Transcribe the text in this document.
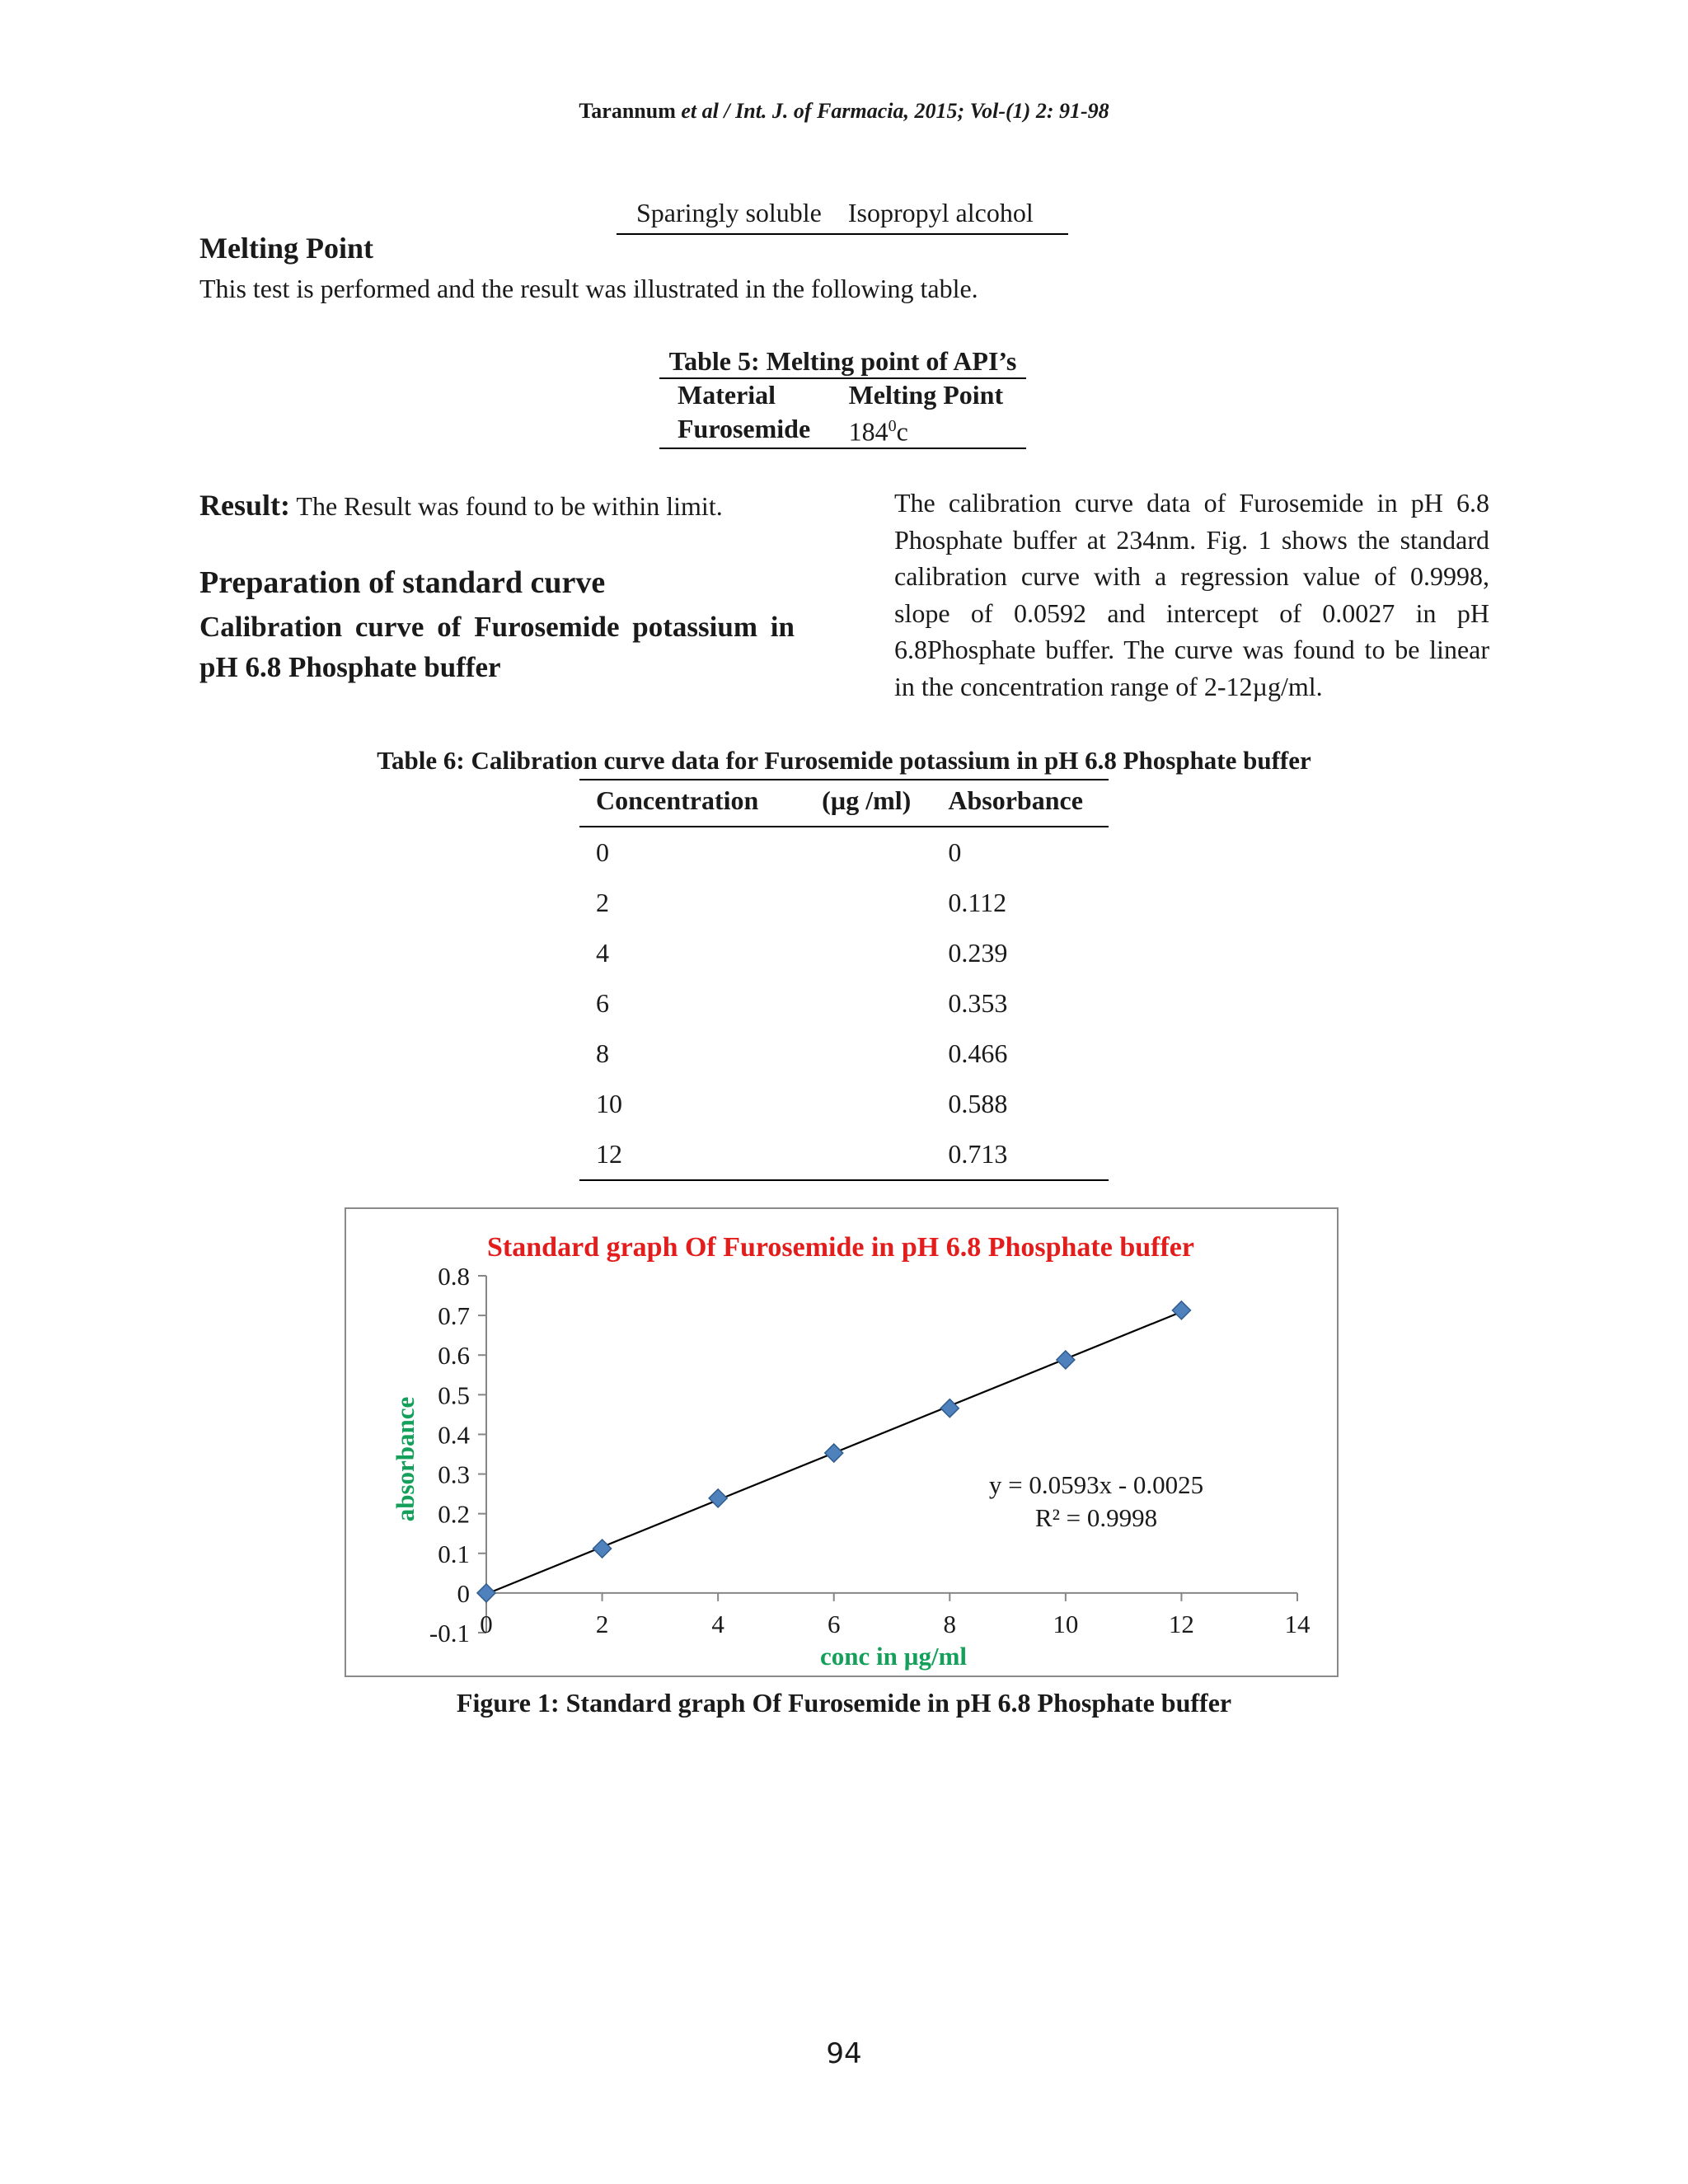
Tarannum et al / Int. J. of Farmacia, 2015; Vol-(1) 2: 91-98
Sparingly soluble Isopropyl alcohol
Melting Point
This test is performed and the result was illustrated in the following table.
Table 5: Melting point of API’s
Material	Melting Point
Furosemide	$184^0c$
Result: The Result was found to be within limit.
Preparation of standard curve
Calibration curve of Furosemide potassium in pH 6.8 Phosphate buffer
The calibration curve data of Furosemide in pH 6.8 Phosphate buffer at 234nm. Fig. 1 shows the standard calibration curve with a regression value of 0.9998, slope of 0.0592 and intercept of 0.0027 in pH 6.8Phosphate buffer. The curve was found to be linear in the concentration range of 2-12µg/ml.
Table 6: Calibration curve data for Furosemide potassium in pH 6.8 Phosphate buffer
Concentration	(µg /ml)	Absorbance
0		0
2		0.112
4		0.239
6		0.353
8		0.466
10		0.588
12		0.713
Standard graph Of Furosemide in pH 6.8 Phosphate buffer
absorbance
conc in µg/ml
0.8
0.7
0.6
0.5
0.4
0.3
0.2
0.1
0
-0.1 0	2	4	6	8	10	12	14
y = 0.0593x - 0.0025
R² = 0.9998
Figure 1: Standard graph Of Furosemide in pH 6.8 Phosphate buffer
94
